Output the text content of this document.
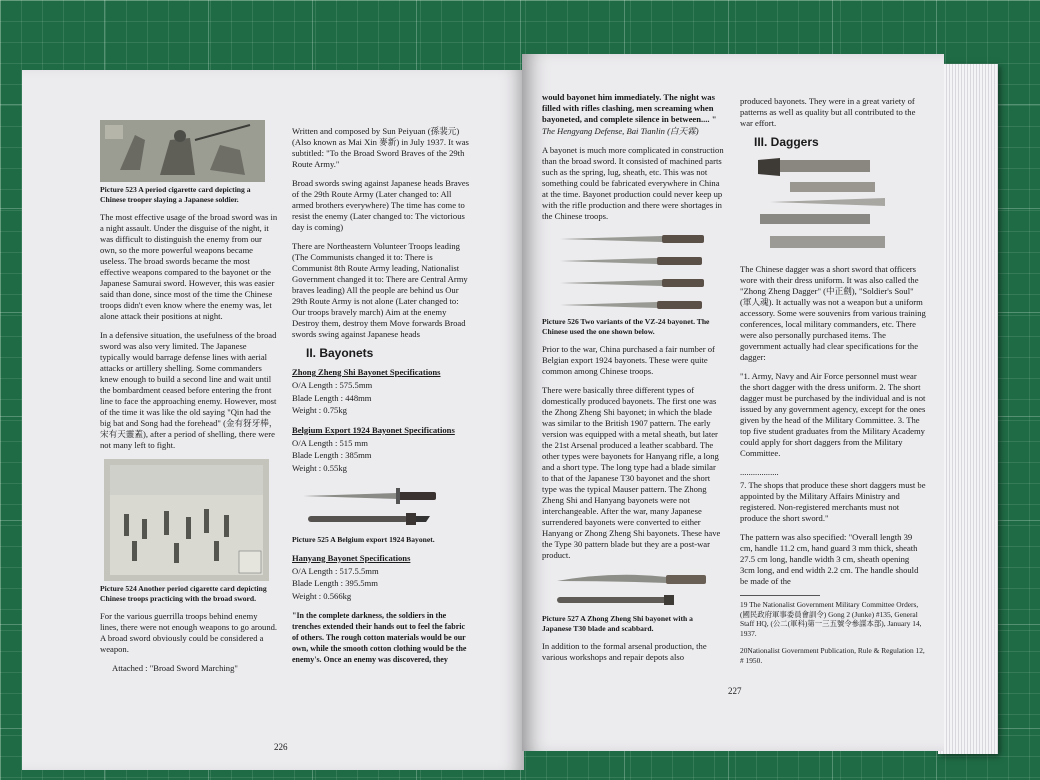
Picture 523 A period cigarette card depicting a Chinese trooper slaying a Japanese soldier.

The most effective usage of the broad sword was in a night assault. Under the disguise of the night, it was difficult to distinguish the enemy from our own, so the more powerful weapons became useless. The broad swords became the most effective weapons compared to the bayonet or the Japanese Samurai sword. However, this was easier said than done, since most of the time the Chinese troops didn't even know where the enemy was, let alone attack their positions at night.

In a defensive situation, the usefulness of the broad sword was also very limited. The Japanese typically would barrage defense lines with aerial attacks or artillery shelling. Some commanders knew enough to build a second line and wait until the bombardment ceased before entering the front line to face the approaching enemy. However, most of the time it was like the old saying "Qin had the big bat and Song had the forehead" (金有犽牙棒，宋有天靈蓋), after a period of shelling, there were not many left to fight.

Picture 524 Another period cigarette card depicting Chinese troops practicing with the broad sword.

For the various guerrilla troops behind enemy lines, there were not enough weapons to go around. A broad sword obviously could be considered a weapon.

Attached : "Broad Sword Marching"

Written and composed by Sun Peiyuan (孫裴元) (Also known as Mai Xin 麥新) in July 1937. It was subtitled: "To the Broad Sword Braves of the 29th Route Army."

Broad swords swing against Japanese heads Braves of the 29th Route Army (Later changed to: All armed brothers everywhere) The time has come to resist the enemy (Later changed to: The victorious day is coming)

There are Northeastern Volunteer Troops leading (The Communists changed it to: There is Communist 8th Route Army leading, Nationalist Government changed it to: There are Central Army braves leading) All the people are behind us Our 29th Route Army is not alone (Later changed to: Our troops bravely march) Aim at the enemy Destroy them, destroy them Move forwards Broad swords swing against Japanese heads

II. Bayonets
Zhong Zheng Shi Bayonet Specifications
O/A Length : 575.5mm
Blade Length : 448mm
Weight : 0.75kg
Belgium Export 1924 Bayonet Specifications
O/A Length : 515 mm
Blade Length : 385mm
Weight : 0.55kg
Picture 525 A Belgium export 1924 Bayonet.
Hanyang Bayonet Specifications
O/A Length : 517.5.5mm
Blade Length : 395.5mm
Weight : 0.566kg

"In the complete darkness, the soldiers in the trenches extended their hands out to feel the fabric of others. The rough cotton materials would be our own, while the smooth cotton clothing would be the enemy's. Once an enemy was discovered, they

226

would bayonet him immediately. The night was filled with rifles clashing, men screaming when bayoneted, and complete silence in between.... "

The Hengyang Defense, Bai Tianlin (白天霖)

A bayonet is much more complicated in construction than the broad sword. It consisted of machined parts such as the spring, lug, sheath, etc. This was not something could be fabricated everywhere in China at the time. Bayonet production could never keep up with the rifle production and there were shortages in the Chinese troops.

Picture 526 Two variants of the VZ-24 bayonet. The Chinese used the one shown below.

Prior to the war, China purchased a fair number of Belgian export 1924 bayonets. These were quite common among Chinese troops.

There were basically three different types of domestically produced bayonets. The first one was the Zhong Zheng Shi bayonet; in which the blade was similar to the British 1907 pattern. The early version was equipped with a metal sheath, but later the 21st Arsenal produced a leather scabbard. The other types were bayonets for Hanyang rifle, a long and a short type. The long type had a blade similar to that of the Japanese T30 bayonet and the short type was the typical Mauser pattern. The Zhong Zheng Shi and Hanyang bayonets were not interchangeable. After the war, many Japanese surrendered bayonets were converted to either Hanyang or Zhong Zheng Shi bayonets. These have the Type 30 pattern blade but they are a post-war product.

Picture 527 A Zhong Zheng Shi bayonet with a Japanese T30 blade and scabbard.

In addition to the formal arsenal production, the various workshops and repair depots also

produced bayonets. They were in a great variety of patterns as well as quality but all contributed to the war effort.

III. Daggers

The Chinese dagger was a short sword that officers wore with their dress uniform. It was also called the "Zhong Zheng Dagger" (中正劍), "Soldier's Soul" (軍人魂). It actually was not a weapon but a uniform accessory. Some were souvenirs from various training conferences, local military commanders, etc. There were also personally purchased items. The government actually had clear specifications for the dagger:

"1. Army, Navy and Air Force personnel must wear the short dagger with the dress uniform. 2. The short dagger must be purchased by the individual and is not issued by any government agency, except for the ones given by the head of the Military Committee. 3. The top five student graduates from the Military Academy could apply for short daggers from the Military Committee.

..................

7. The shops that produce these short daggers must be appointed by the Military Affairs Ministry and registered. Non-registered merchants must not produce the short sword."

The pattern was also specified: "Overall length 39 cm, handle 11.2 cm, hand guard 3 mm thick, sheath 27.5 cm long, handle width 3 cm, sheath opening 3cm long, and end width 2.2 cm. The handle should be made of the

19 The Nationalist Government Military Committee Orders, (國民政府軍事委員會訓令) Gong 2 (Junke) #135, General Staff HQ, (公二(軍科)第一三五號令參謀本部), January 14, 1937.

20Nationalist Government Publication, Rule & Regulation 12, # 1950.

227
